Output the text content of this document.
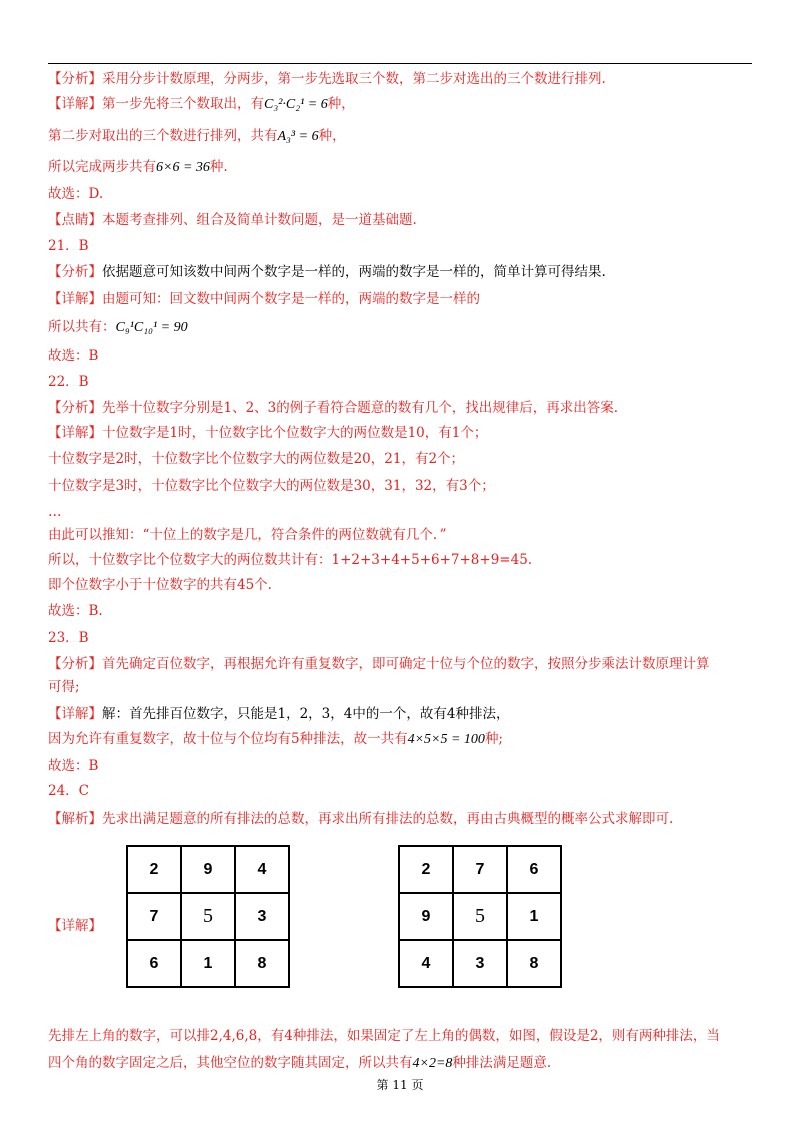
【分析】采用分步计数原理，分两步，第一步先选取三个数，第二步对选出的三个数进行排列.
【详解】第一步先将三个数取出，有C₃²·C₂¹ = 6种，
第二步对取出的三个数进行排列，共有A₃³ = 6种，
所以完成两步共有6×6 = 36种.
故选：D.
【点睛】本题考查排列、组合及简单计数问题，是一道基础题.
21．B
【分析】依据题意可知该数中间两个数字是一样的，两端的数字是一样的，简单计算可得结果.
【详解】由题可知：回文数中间两个数字是一样的，两端的数字是一样的
所以共有：C₉¹C₁₀¹ = 90
故选：B
22．B
【分析】先举十位数字分别是1、2、3的例子看符合题意的数有几个，找出规律后，再求出答案.
【详解】十位数字是1时，十位数字比个位数字大的两位数是10，有1个；
十位数字是2时，十位数字比个位数字大的两位数是20，21，有2个；
十位数字是3时，十位数字比个位数字大的两位数是30，31，32，有3个；
…
由此可以推知：“十位上的数字是几，符合条件的两位数就有几个．”
所以，十位数字比个位数字大的两位数共计有：1+2+3+4+5+6+7+8+9=45.
即个位数字小于十位数字的共有45个.
故选：B.
23．B
【分析】首先确定百位数字，再根据允许有重复数字，即可确定十位与个位的数字，按照分步乘法计数原理计算
可得;
【详解】解：首先排百位数字，只能是1，2，3，4中的一个，故有4种排法，
因为允许有重复数字，故十位与个位均有5种排法，故一共有4×5×5 = 100种;
故选：B
24．C
【解析】先求出满足题意的所有排法的总数，再求出所有排法的总数，再由古典概型的概率公式求解即可.
【详解】
2	9	4
7	5	3
6	1	8
2	7	6
9	5	1
4	3	8
先排左上角的数字，可以排2,4,6,8，有4种排法，如果固定了左上角的偶数，如图，假设是2，则有两种排法，当
四个角的数字固定之后，其他空位的数字随其固定，所以共有4×2=8种排法满足题意.
第 11 页
